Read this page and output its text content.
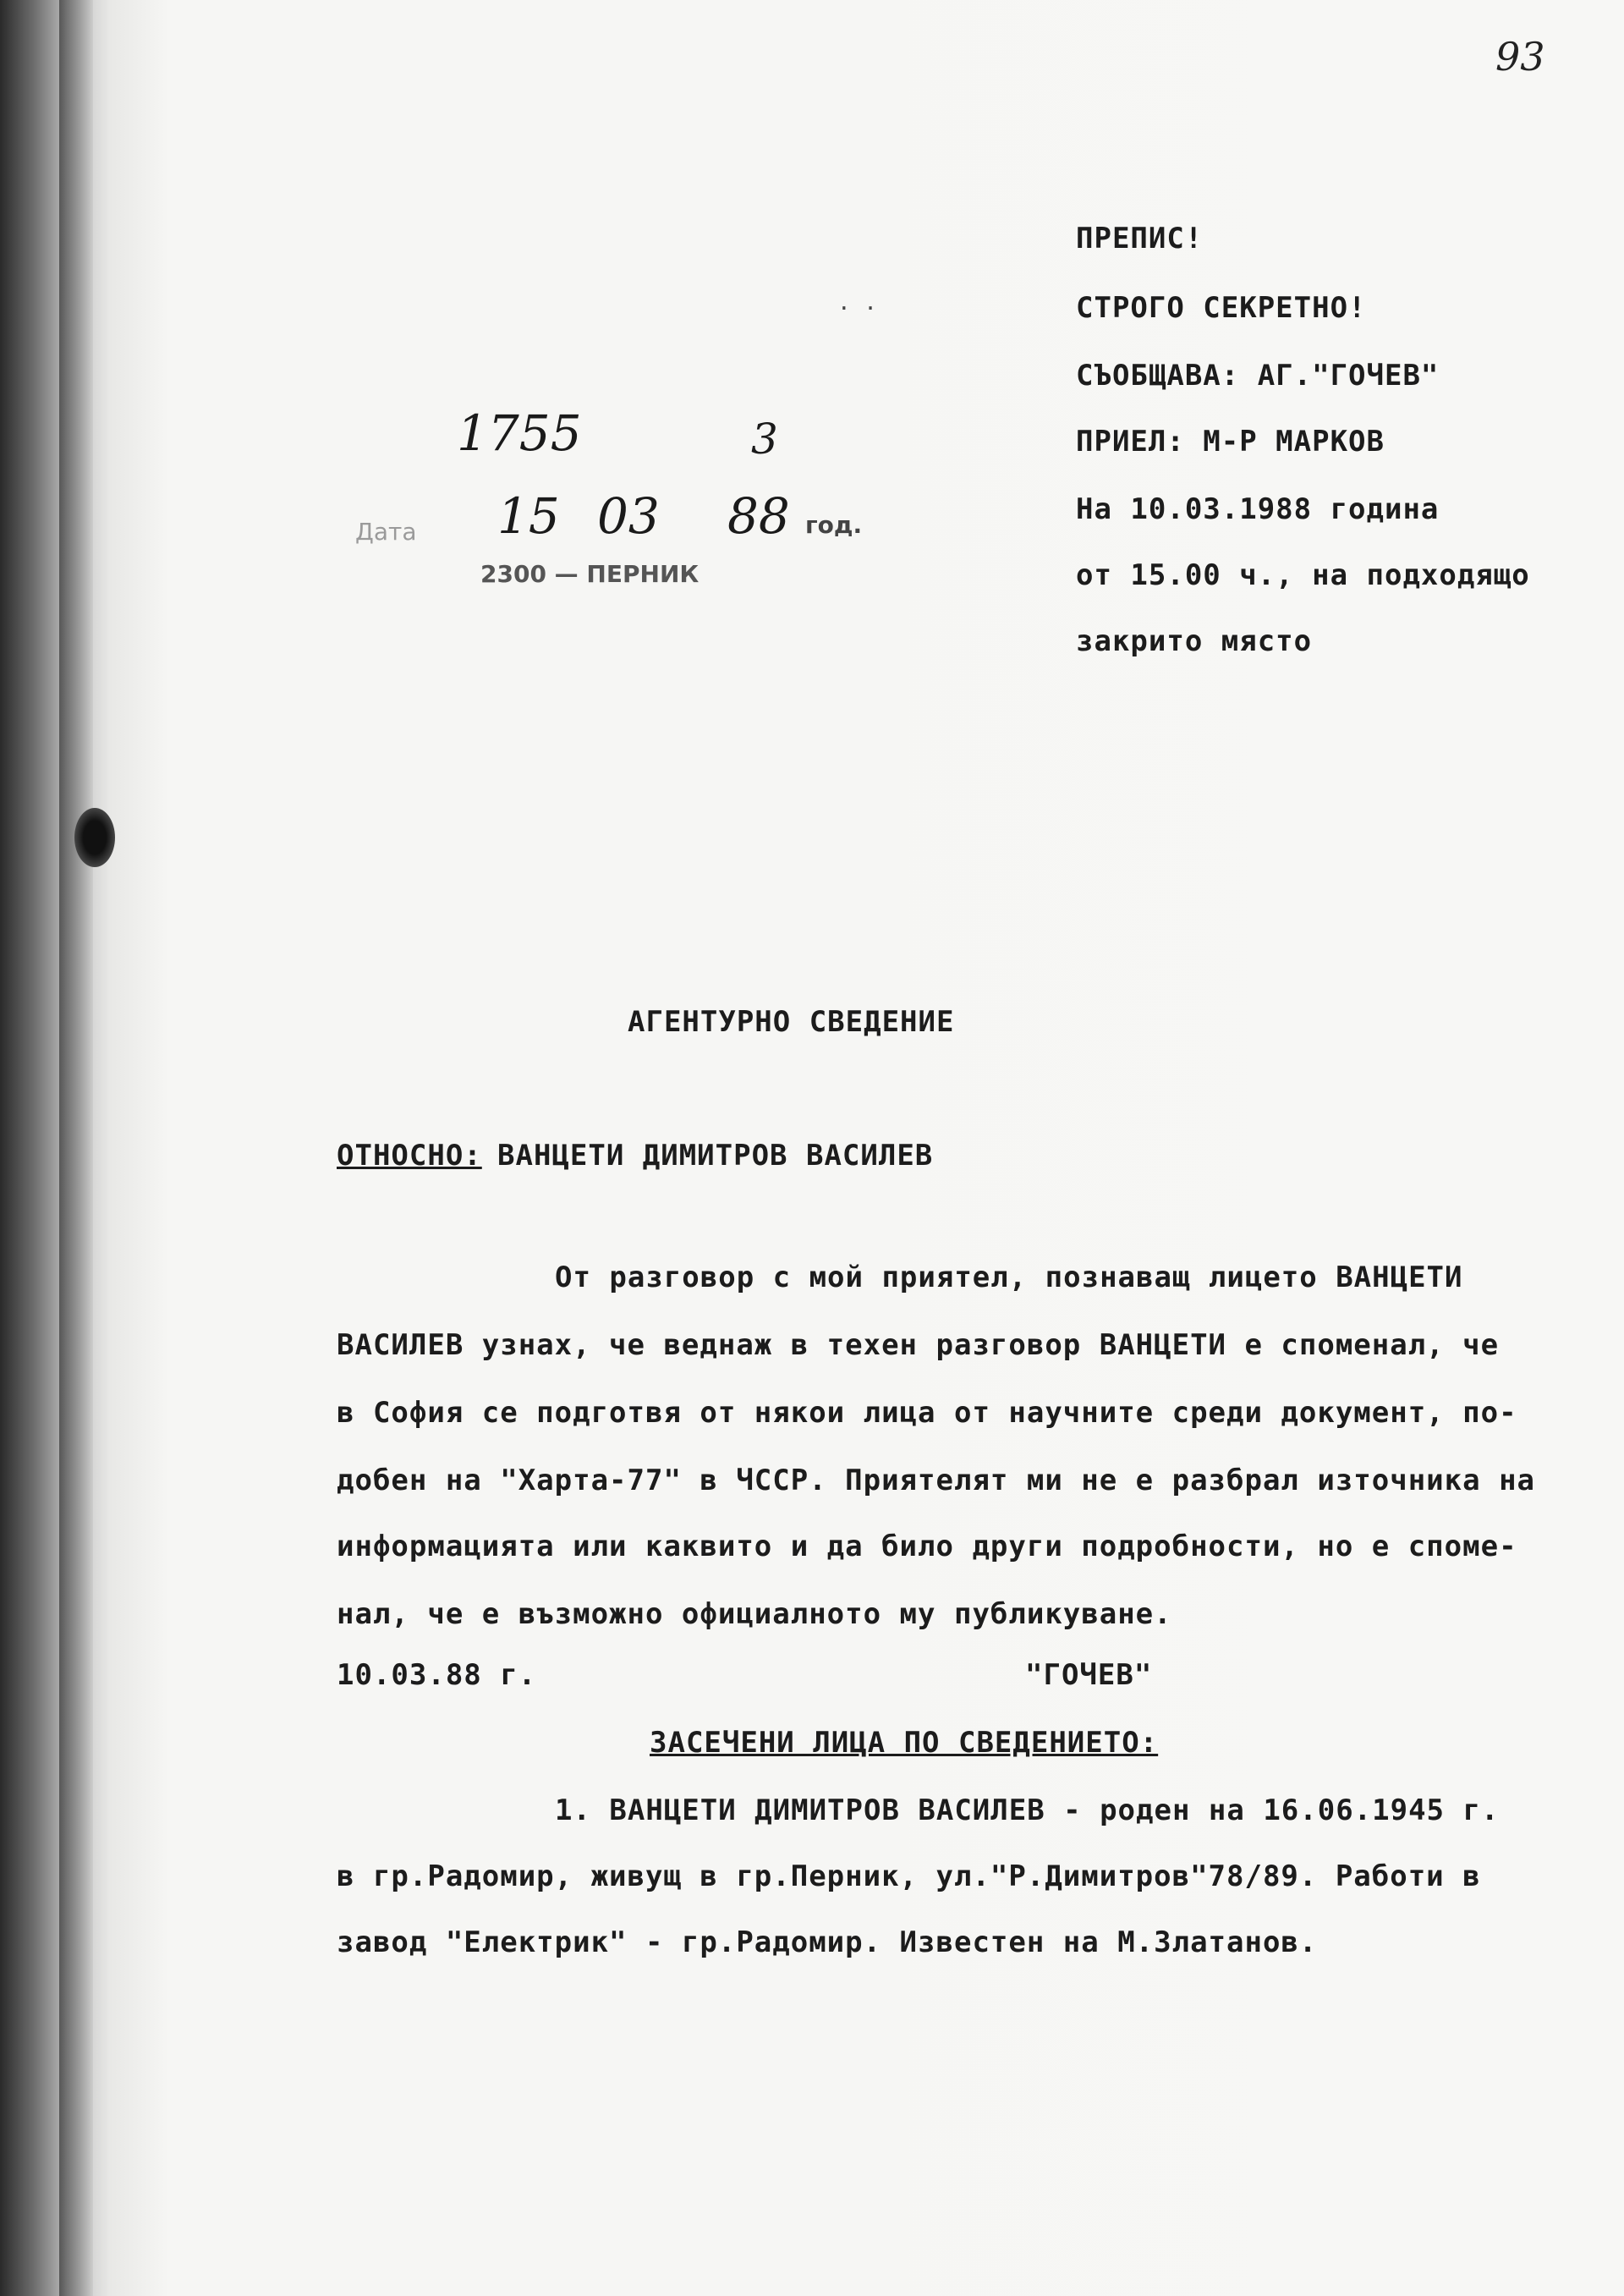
93
ПРЕПИС!
СТРОГО СЕКРЕТНО!
СЪОБЩАВА: АГ."ГОЧЕВ"
ПРИЕЛ: М-Р МАРКОВ
На 10.03.1988 година
от 15.00 ч., на подходящо
закрито място
· ·
1755	3
Дата 15 03 88 год.
2300 — ПЕРНИК
АГЕНТУРНО СВЕДЕНИЕ
ОТНОСНО: ВАНЦЕТИ ДИМИТРОВ ВАСИЛЕВ
От разговор с мой приятел, познаващ лицето ВАНЦЕТИ
ВАСИЛЕВ узнах, че веднаж в техен разговор ВАНЦЕТИ е споменал, че
в София се подготвя от някои лица от научните среди документ, по-
добен на "Харта-77" в ЧССР. Приятелят ми не е разбрал източника на
информацията или каквито и да било други подробности, но е споме-
нал, че е възможно официалното му публикуване.
10.03.88 г.	"ГОЧЕВ"
ЗАСЕЧЕНИ ЛИЦА ПО СВЕДЕНИЕТО:
1. ВАНЦЕТИ ДИМИТРОВ ВАСИЛЕВ - роден на 16.06.1945 г.
в гр.Радомир, живущ в гр.Перник, ул."Р.Димитров"78/89. Работи в
завод "Електрик" - гр.Радомир. Известен на М.Златанов.
